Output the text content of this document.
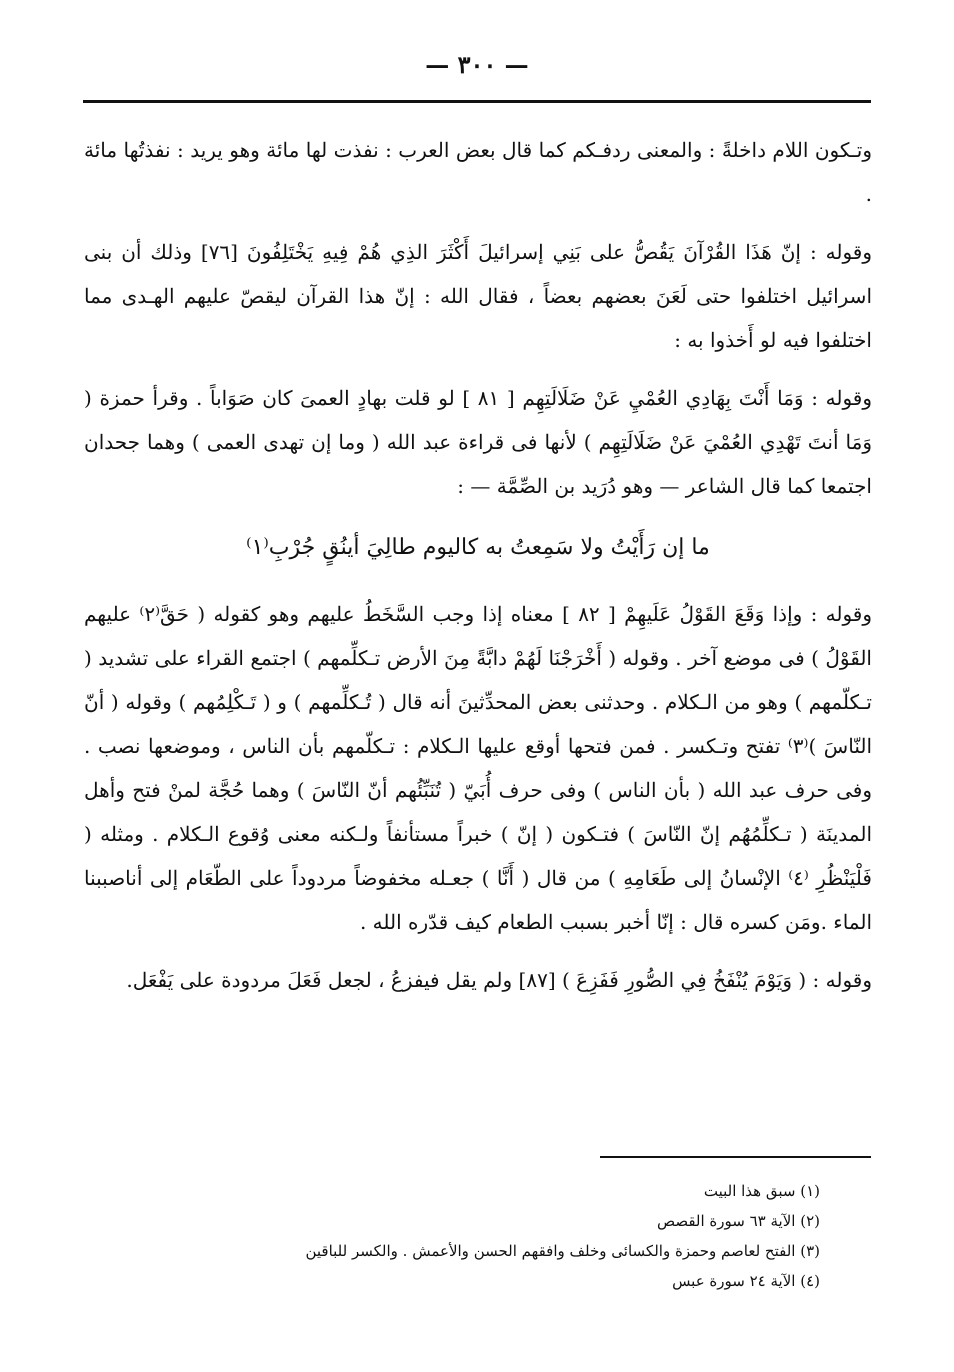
— ٣٠٠ —

وتـكون اللام داخلةً : والمعنى ردفـكم كما قال بعض العرب : نفذت لها مائة وهو يريد : نفذتُها مائة .

وقوله : إنّ هَذَا القُرْآنَ يَقُصُّ على بَنِي إسرائيلَ أَكْثَرَ الذِي هُمْ فِيهِ يَخْتَلِفُونَ [٧٦] وذلك أن بنى اسرائيل اختلفوا حتى لَعَنَ بعضهم بعضاً ، فقال الله : إنّ هذا القرآن ليقصّ عليهم الهـدى مما اختلفوا فيه لو أَخذوا به :

وقوله : وَمَا أَنْتَ بِهَادِي العُمْيِ عَنْ ضَلَالَتِهِم [ ٨١ ] لو قلت بهادٍ العمىَ كان صَوَاباً . وقرأ حمزة ( وَمَا أنتَ تَهْدِي العُمْيَ عَنْ ضَلَالَتِهِم ) لأنها فى قراءة عبد الله ( وما إن تهدى العمى ) وهما جحدان اجتمعا كما قال الشاعر — وهو دُرَيد بن الصِّمَّة — :

ما إن رَأَيْتُ ولا سَمِعتُ به كاليوم طالِيَ أينُقٍ جُرْبِ⁽١⁾

وقوله : وإذا وَقَعَ القَوْلُ عَلَيهِمْ [ ٨٢ ] معناه إذا وجب السَّخَطُ عليهم وهو كقوله ( حَقَّ⁽٢⁾ عليهم القَوْلُ ) فى موضع آخر . وقوله ( أَخْرَجْنَا لَهُمْ دابَّةً مِنَ الأرض تـكلِّمهم ) اجتمع القراء على تشديد ( تـكلّمهم ) وهو من الـكلام . وحدثنى بعض المحدِّثينَ أنه قال ( تُـكلِّمهم ) و ( تَـكْلِمُهم ) وقوله ( أنّ النّاسَ )⁽٣⁾ تفتح وتـكسر . فمن فتحها أوقع عليها الـكلام : تـكلّمهم بأن الناس ، وموضعها نصب . وفى حرف عبد الله ( بأن الناس ) وفى حرف أُبَيّ ( تُنَبِّئُهم أنّ النّاسَ ) وهما حُجَّة لمنْ فتح وأهل المدينَة ( تـكلِّمُهُم إنّ النّاسَ ) فتـكون ( إنّ ) خبراً مستأنفاً ولـكنه معنى وُقوع الـكلام . ومثله ( فَلْيَنْظُرِ ⁽٤⁾ الإنْسانُ إلى طَعَامِهِ ) من قال ( أَنَّا ) جعـله مخفوضاً مردوداً على الطّعَام إلى أناصببنا الماء .ومَن كسره قال : إنّا أخبر بسبب الطعام كيف قدّره الله .

وقوله : ( وَيَوْمَ يُنْفَخُ فِي الصُّورِ فَفَزِعَ ) [٨٧] ولم يقل فيفزعُ ، لجعل فَعَلَ مردودة على يَفْعَل.

(١) سبق هذا البيت
(٢) الآية ٦٣ سورة القصص
(٣) الفتح لعاصم وحمزة والكسائى وخلف وافقهم الحسن والأعمش . والكسر للباقين
(٤) الآية ٢٤ سورة عبس
